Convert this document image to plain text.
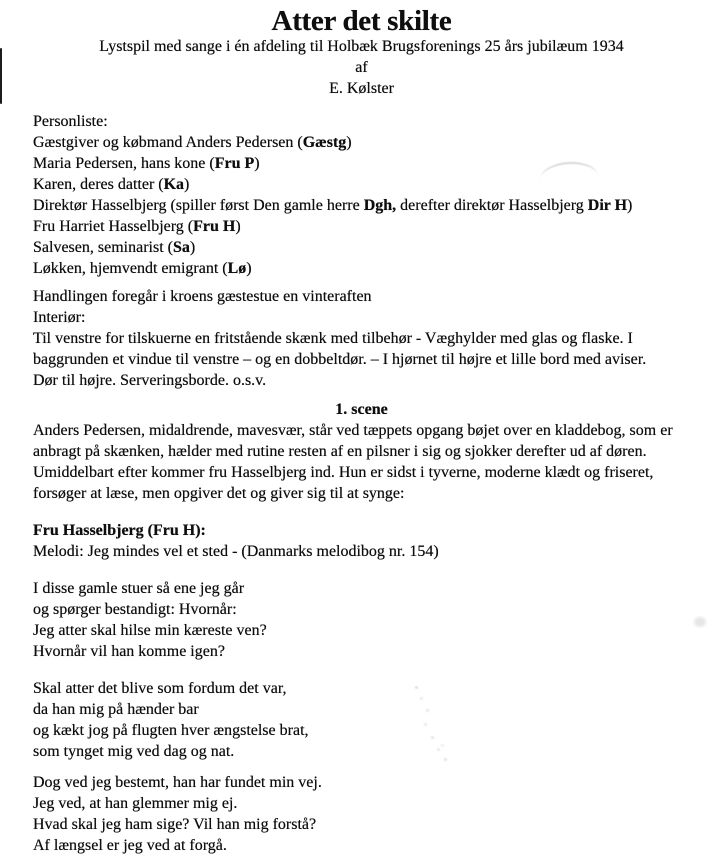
Atter det skilte
Lystspil med sange i én afdeling til Holbæk Brugsforenings 25 års jubilæum 1934
af
E. Kølster
Personliste:
Gæstgiver og købmand Anders Pedersen (Gæstg)
Maria Pedersen, hans kone (Fru P)
Karen, deres datter (Ka)
Direktør Hasselbjerg (spiller først Den gamle herre Dgh, derefter direktør Hasselbjerg Dir H)
Fru Harriet Hasselbjerg (Fru H)
Salvesen, seminarist (Sa)
Løkken, hjemvendt emigrant (Lø)
Handlingen foregår i kroens gæstestue en vinteraften
Interiør:
Til venstre for tilskuerne en fritstående skænk med tilbehør - Væghylder med glas og flaske. I
baggrunden et vindue til venstre – og en dobbeltdør. – I hjørnet til højre et lille bord med aviser.
Dør til højre. Serveringsborde. o.s.v.
1. scene
Anders Pedersen, midaldrende, mavesvær, står ved tæppets opgang bøjet over en kladdebog, som er
anbragt på skænken, hælder med rutine resten af en pilsner i sig og sjokker derefter ud af døren.
Umiddelbart efter kommer fru Hasselbjerg ind. Hun er sidst i tyverne, moderne klædt og friseret,
forsøger at læse, men opgiver det og giver sig til at synge:
Fru Hasselbjerg (Fru H):
Melodi: Jeg mindes vel et sted - (Danmarks melodibog nr. 154)
I disse gamle stuer så ene jeg går
og spørger bestandigt: Hvornår:
Jeg atter skal hilse min kæreste ven?
Hvornår vil han komme igen?
Skal atter det blive som fordum det var,
da han mig på hænder bar
og kækt jog på flugten hver ængstelse brat,
som tynget mig ved dag og nat.
Dog ved jeg bestemt, han har fundet min vej.
Jeg ved, at han glemmer mig ej.
Hvad skal jeg ham sige? Vil han mig forstå?
Af længsel er jeg ved at forgå.
